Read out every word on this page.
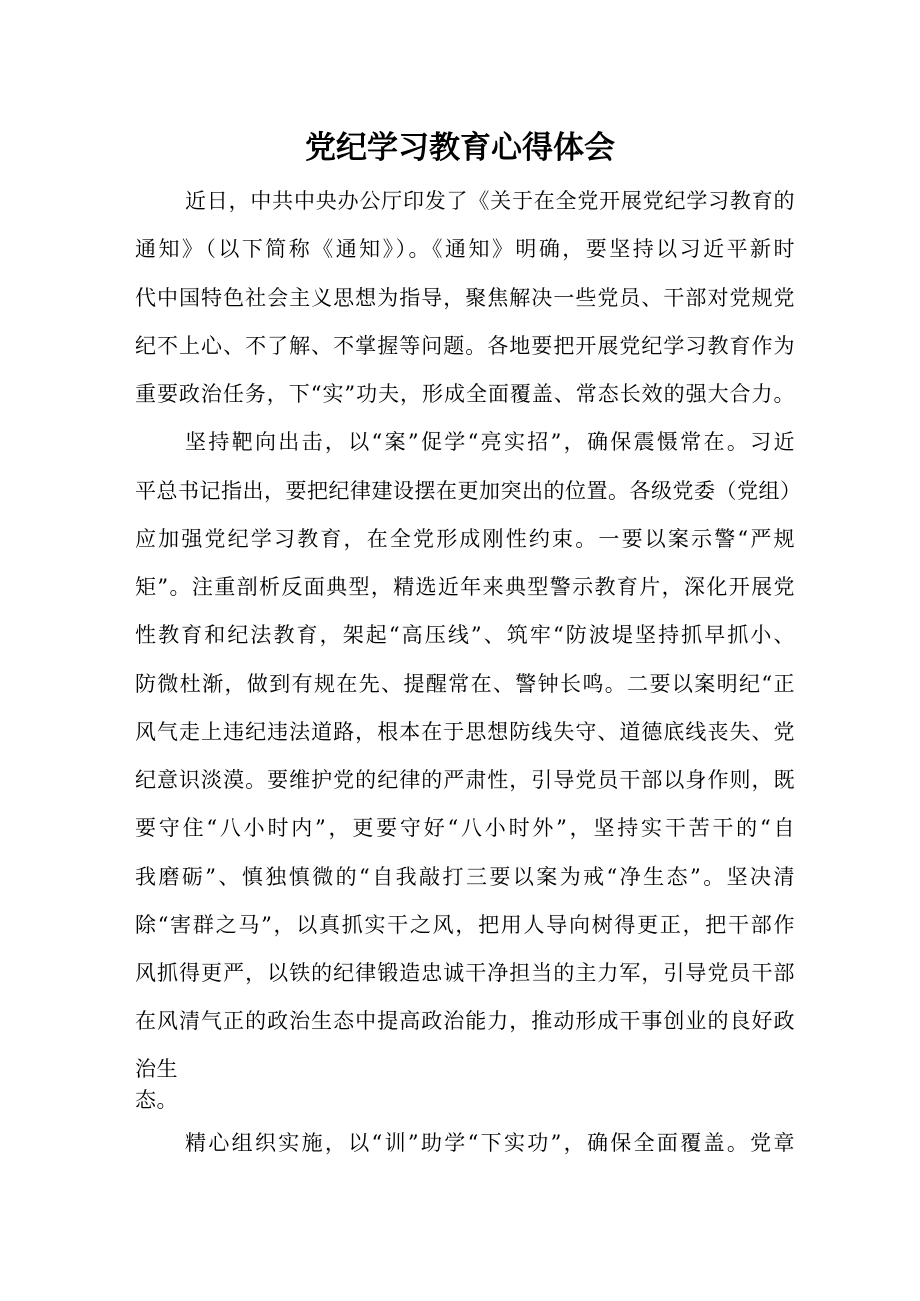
党纪学习教育心得体会
近日，中共中央办公厅印发了《关于在全党开展党纪学习教育的
通知》（以下简称《通知》）。《通知》明确，要坚持以习近平新时
代中国特色社会主义思想为指导，聚焦解决一些党员、干部对党规党
纪不上心、不了解、不掌握等问题。各地要把开展党纪学习教育作为
重要政治任务，下“实”功夫，形成全面覆盖、常态长效的强大合力。
坚持靶向出击，以“案”促学“亮实招”，确保震慑常在。习近
平总书记指出，要把纪律建设摆在更加突出的位置。各级党委（党组）
应加强党纪学习教育，在全党形成刚性约束。一要以案示警“严规
矩”。注重剖析反面典型，精选近年来典型警示教育片，深化开展党
性教育和纪法教育，架起“高压线”、筑牢“防波堤坚持抓早抓小、
防微杜渐，做到有规在先、提醒常在、警钟长鸣。二要以案明纪“正
风气走上违纪违法道路，根本在于思想防线失守、道德底线丧失、党
纪意识淡漠。要维护党的纪律的严肃性，引导党员干部以身作则，既
要守住“八小时内”，更要守好“八小时外”，坚持实干苦干的“自
我磨砺”、慎独慎微的“自我敲打三要以案为戒“净生态”。坚决清
除“害群之马”，以真抓实干之风，把用人导向树得更正，把干部作
风抓得更严，以铁的纪律锻造忠诚干净担当的主力军，引导党员干部
在风清气正的政治生态中提高政治能力，推动形成干事创业的良好政
治生
态。
精心组织实施，以“训”助学“下实功”，确保全面覆盖。党章
